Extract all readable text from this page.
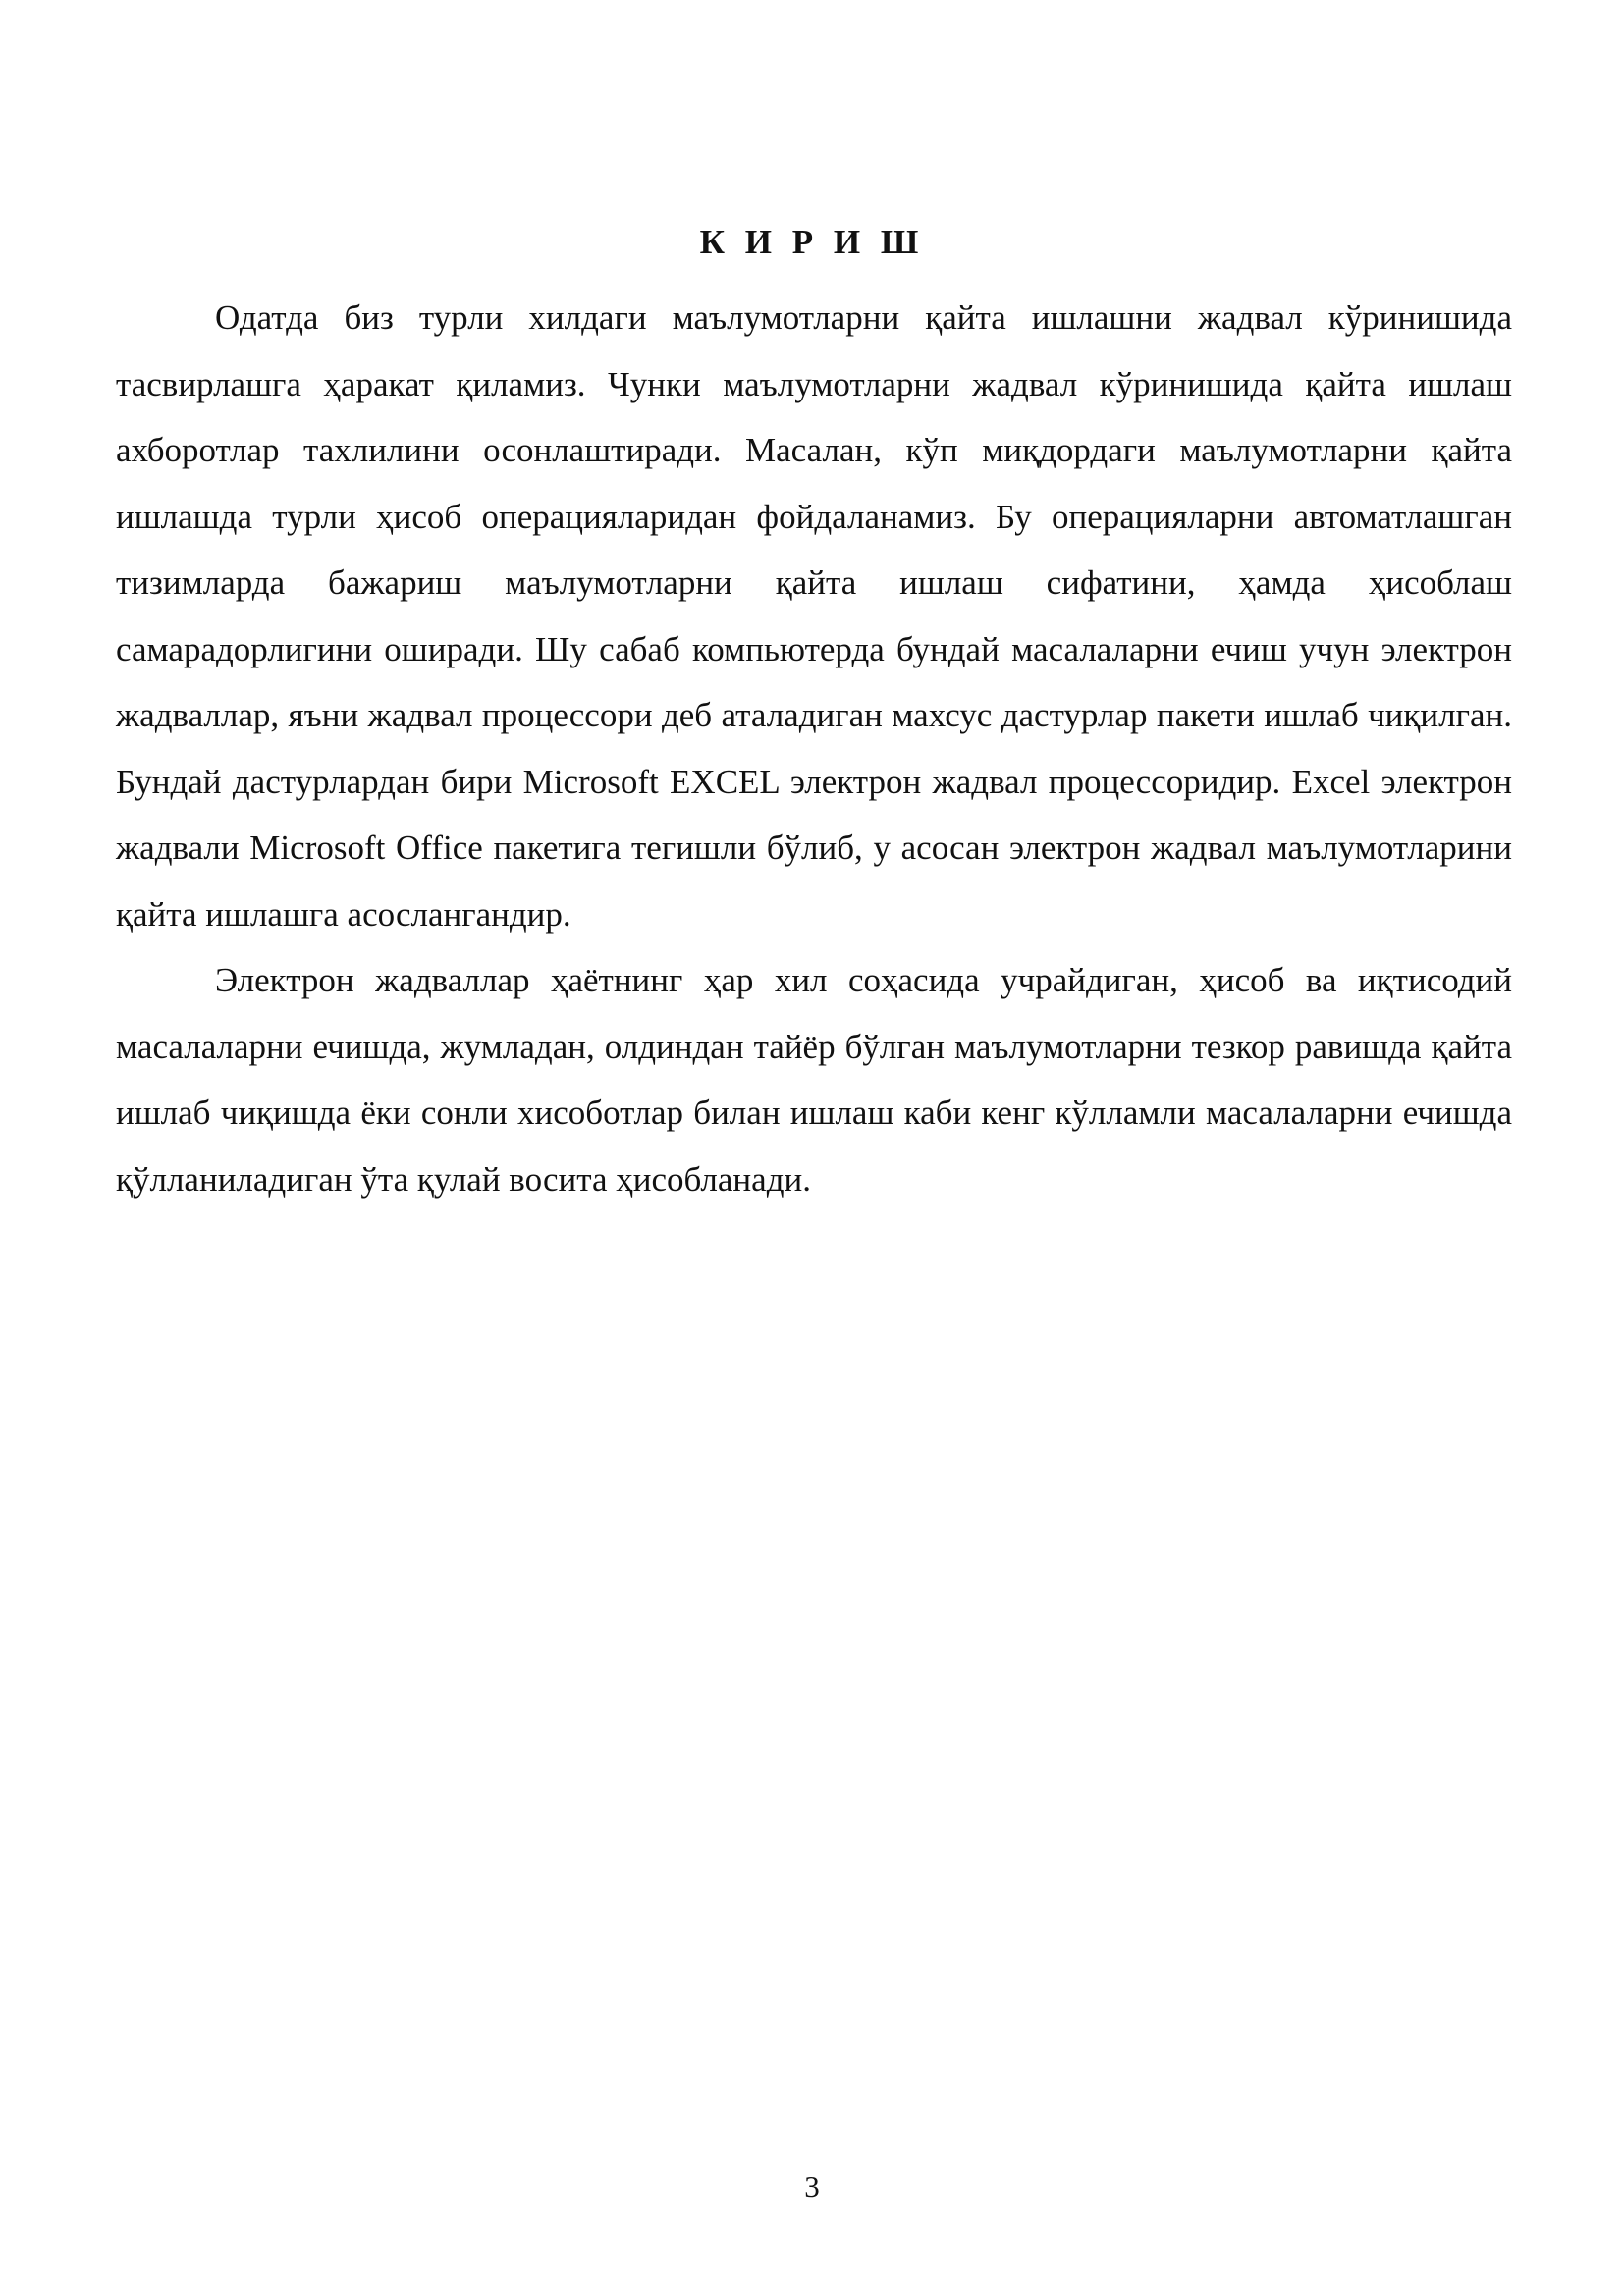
К И Р И Ш

Одатда биз турли хилдаги маълумотларни қайта ишлашни жадвал кўринишида тасвирлашга ҳаракат қиламиз. Чунки маълумотларни жадвал кўринишида қайта ишлаш ахборотлар тахлилини осонлаштиради. Масалан, кўп миқдордаги маълумотларни қайта ишлашда турли ҳисоб операцияларидан фойдаланамиз. Бу операцияларни автоматлашган тизимларда бажариш маълумотларни қайта ишлаш сифатини, ҳамда ҳисоблаш самарадорлигини оширади. Шу сабаб компьютерда бундай масалаларни ечиш учун электрон жадваллар, яъни жадвал процессори деб аталадиган махсус дастурлар пакети ишлаб чиқилган. Бундай дастурлардан бири Microsoft EXCEL электрон жадвал процессоридир. Excel электрон жадвали Microsoft Office пакетига тегишли бўлиб, у асосан электрон жадвал маълумотларини қайта ишлашга асослангандир.

Электрон жадваллар ҳаётнинг ҳар хил соҳасида учрайдиган, ҳисоб ва иқтисодий масалаларни ечишда, жумладан, олдиндан тайёр бўлган маълумотларни тезкор равишда қайта ишлаб чиқишда ёки сонли хисоботлар билан ишлаш каби кенг кўлламли масалаларни ечишда қўлланиладиган ўта қулай восита ҳисобланади.

3
